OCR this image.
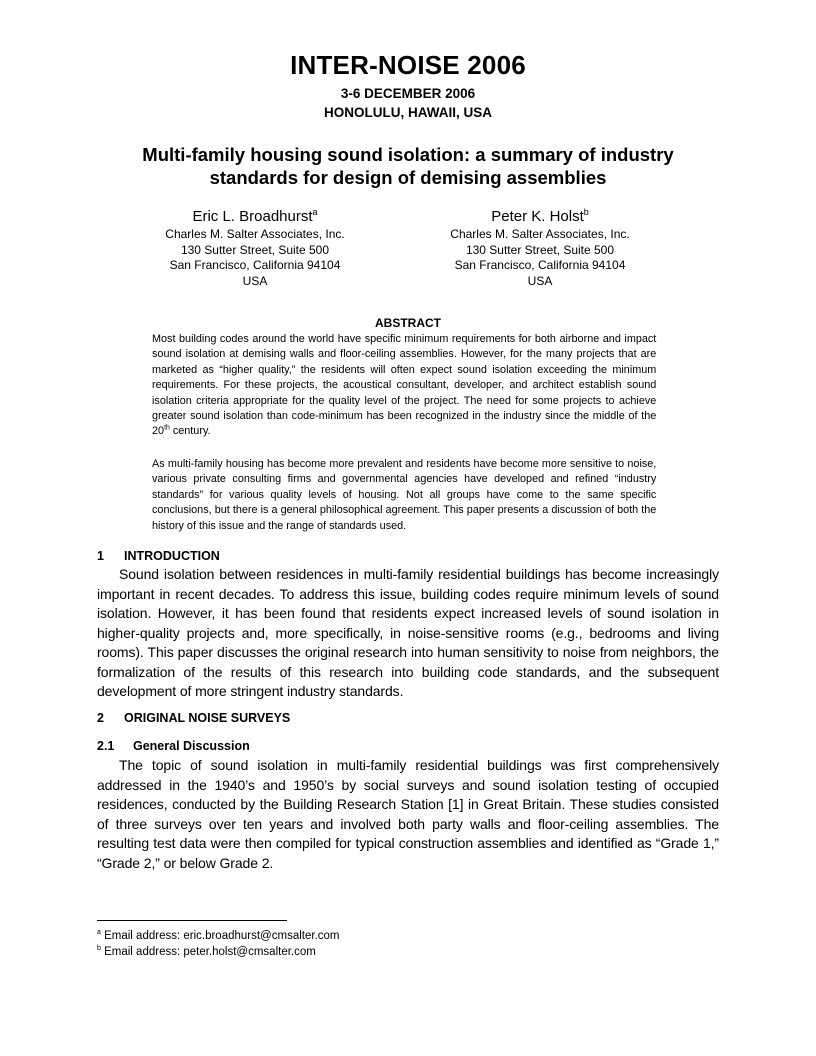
INTER-NOISE 2006
3-6 DECEMBER 2006
HONOLULU, HAWAII, USA
Multi-family housing sound isolation: a summary of industry
standards for design of demising assemblies
Eric L. Broadhurst$^a$
Charles M. Salter Associates, Inc.
130 Sutter Street, Suite 500
San Francisco, California 94104
USA
Peter K. Holst$^b$
Charles M. Salter Associates, Inc.
130 Sutter Street, Suite 500
San Francisco, California 94104
USA
ABSTRACT

Most building codes around the world have specific minimum requirements for both airborne and impact sound isolation at demising walls and floor-ceiling assemblies. However, for the many projects that are marketed as “higher quality,” the residents will often expect sound isolation exceeding the minimum requirements. For these projects, the acoustical consultant, developer, and architect establish sound isolation criteria appropriate for the quality level of the project. The need for some projects to achieve greater sound isolation than code-minimum has been recognized in the industry since the middle of the 20th century.

As multi-family housing has become more prevalent and residents have become more sensitive to noise, various private consulting firms and governmental agencies have developed and refined “industry standards” for various quality levels of housing. Not all groups have come to the same specific conclusions, but there is a general philosophical agreement. This paper presents a discussion of both the history of this issue and the range of standards used.

1 INTRODUCTION

Sound isolation between residences in multi-family residential buildings has become increasingly important in recent decades. To address this issue, building codes require minimum levels of sound isolation. However, it has been found that residents expect increased levels of sound isolation in higher-quality projects and, more specifically, in noise-sensitive rooms (e.g., bedrooms and living rooms). This paper discusses the original research into human sensitivity to noise from neighbors, the formalization of the results of this research into building code standards, and the subsequent development of more stringent industry standards.

2 ORIGINAL NOISE SURVEYS
2.1 General Discussion

The topic of sound isolation in multi-family residential buildings was first comprehensively addressed in the 1940’s and 1950’s by social surveys and sound isolation testing of occupied residences, conducted by the Building Research Station [1] in Great Britain. These studies consisted of three surveys over ten years and involved both party walls and floor-ceiling assemblies. The resulting test data were then compiled for typical construction assemblies and identified as “Grade 1,” “Grade 2,” or below Grade 2.

$^a$ Email address: eric.broadhurst@cmsalter.com
$^b$ Email address: peter.holst@cmsalter.com
